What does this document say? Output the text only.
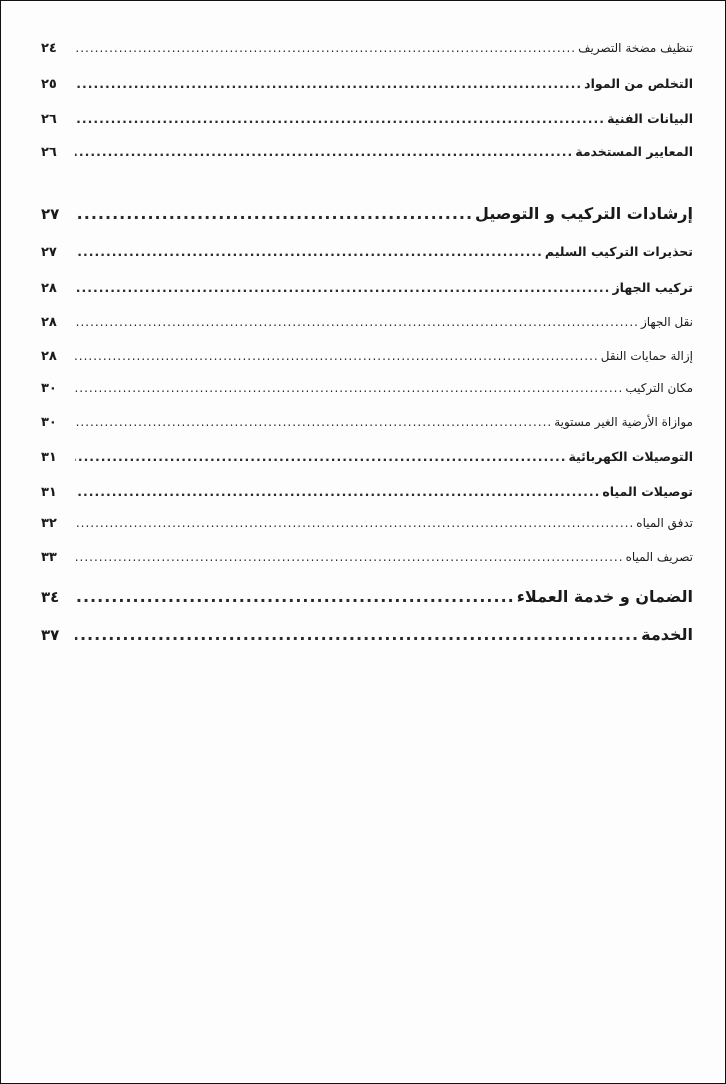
تنظيف مضخة التصريف
.....
٢٤
التخلص من المواد
.....
٢٥
البيانات الفنية
.....
٢٦
المعايير المستخدمة
.....
٢٦
إرشادات التركيب و التوصيل
.....
٢٧
تحذيرات التركيب السليم
.....
٢٧
تركيب الجهاز
.....
٢٨
نقل الجهاز
.....
٢٨
إزالة حمايات النقل
.....
٢٨
مكان التركيب
.....
٣٠
موازاة الأرضية الغير مستوية
.....
٣٠
التوصيلات الكهربائية
.....
٣١
توصيلات المياه
.....
٣١
تدفق المياه
.....
٣٢
تصريف المياه
.....
٣٣
الضمان و خدمة العملاء
.....
٣٤
الخدمة
.....
٣٧
